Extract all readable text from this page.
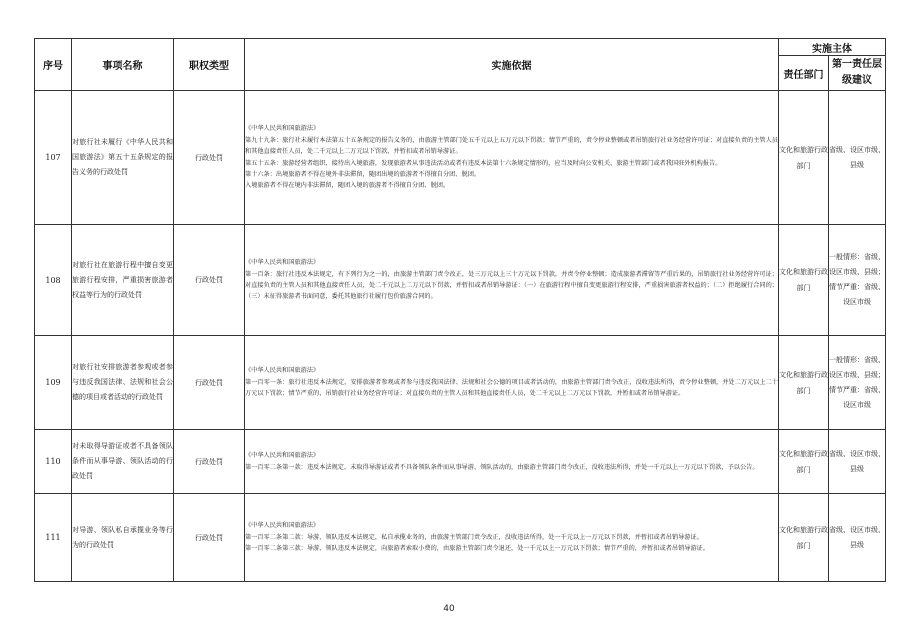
序号	事项名称	职权类型	实施依据	实施主体	
				责任部门	第一责任层级建议
107	对旅行社未履行《中华人民共和国旅游法》第五十五条规定的报告义务的行政处罚	行政处罚	《中华人民共和国旅游法》
第九十九条：旅行社未履行本法第五十五条规定的报告义务的，由旅游主管部门处五千元以上五万元以下罚款；情节严重的，责令停业整顿或者吊销旅行社业务经营许可证；对直接负责的主管人员和其他直接责任人员，处二千元以上二万元以下罚款，并暂扣或者吊销导游证。
第五十五条：旅游经营者组织、接待出入境旅游，发现旅游者从事违法活动或者有违反本法第十六条规定情形的，应当及时向公安机关、旅游主管部门或者我国驻外机构报告。
第十六条：出境旅游者不得在境外非法滞留，随团出境的旅游者不得擅自分团、脱团。
入境旅游者不得在境内非法滞留，随团入境的旅游者不得擅自分团、脱团。	文化和旅游行政部门	省级、设区市级、县级
108	对旅行社在旅游行程中擅自变更旅游行程安排，严重损害旅游者权益等行为的行政处罚	行政处罚	《中华人民共和国旅游法》
第一百条：旅行社违反本法规定，有下列行为之一的，由旅游主管部门责令改正，处三万元以上三十万元以下罚款，并责令停业整顿；造成旅游者滞留等严重后果的，吊销旅行社业务经营许可证；对直接负责的主管人员和其他直接责任人员，处二千元以上二万元以下罚款，并暂扣或者吊销导游证：（一）在旅游行程中擅自变更旅游行程安排，严重损害旅游者权益的；（二）拒绝履行合同的；（三）未征得旅游者书面同意，委托其他旅行社履行包价旅游合同的。	文化和旅游行政部门	一般情形：省级、设区市级、县级；情节严重：省级、设区市级
109	对旅行社安排旅游者参观或者参与违反我国法律、法规和社会公德的项目或者活动的行政处罚	行政处罚	《中华人民共和国旅游法》
第一百零一条：旅行社违反本法规定，安排旅游者参观或者参与违反我国法律、法规和社会公德的项目或者活动的，由旅游主管部门责令改正，没收违法所得，责令停业整顿，并处二万元以上二十万元以下罚款；情节严重的，吊销旅行社业务经营许可证；对直接负责的主管人员和其他直接责任人员，处二千元以上二万元以下罚款，并暂扣或者吊销导游证。	文化和旅游行政部门	一般情形：省级、设区市级、县级；情节严重：省级、设区市级
110	对未取得导游证或者不具备领队条件而从事导游、领队活动的行政处罚	行政处罚	《中华人民共和国旅游法》
第一百零二条第一款：违反本法规定，未取得导游证或者不具备领队条件而从事导游、领队活动的，由旅游主管部门责令改正，没收违法所得，并处一千元以上一万元以下罚款，予以公告。	文化和旅游行政部门	省级、设区市级、县级
111	对导游、领队私自承揽业务等行为的行政处罚	行政处罚	《中华人民共和国旅游法》
第一百零二条第二款：导游、领队违反本法规定，私自承揽业务的，由旅游主管部门责令改正，没收违法所得，处一千元以上一万元以下罚款，并暂扣或者吊销导游证。
第一百零二条第三款：导游、领队违反本法规定，向旅游者索取小费的，由旅游主管部门责令退还，处一千元以上一万元以下罚款；情节严重的，并暂扣或者吊销导游证。	文化和旅游行政部门	省级、设区市级、县级
40
